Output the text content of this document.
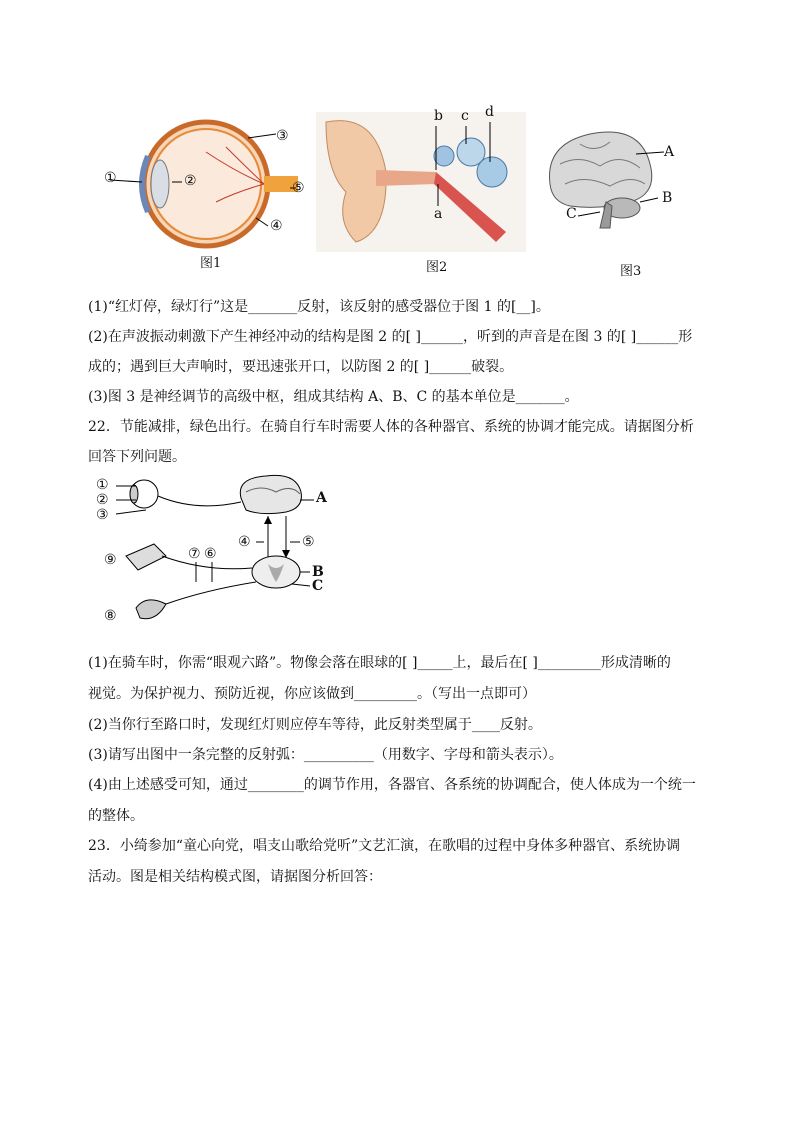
①	②
③
④
⑤
图1
b c d
a
图2
A
B
C
图3
(1)“红灯停，绿灯行”这是_______反射，该反射的感受器位于图 1 的[__]。
(2)在声波振动刺激下产生神经冲动的结构是图 2 的[ ]______，听到的声音是在图 3 的[ ]______形
成的；遇到巨大声响时，要迅速张开口，以防图 2 的[ ]______破裂。
(3)图 3 是神经调节的高级中枢，组成其结构 A、B、C 的基本单位是_______。
22．节能减排，绿色出行。在骑自行车时需要人体的各种器官、系统的协调才能完成。请据图分析
回答下列问题。
①
②
③
④	⑤
⑥
⑦
⑧
⑨
A
B
C
(1)在骑车时，你需“眼观六路”。物像会落在眼球的[ ]_____上，最后在[ ]_________形成清晰的
视觉。为保护视力、预防近视，你应该做到_________。（写出一点即可）
(2)当你行至路口时，发现红灯则应停车等待，此反射类型属于____反射。
(3)请写出图中一条完整的反射弧：__________（用数字、字母和箭头表示）。
(4)由上述感受可知，通过________的调节作用，各器官、各系统的协调配合，使人体成为一个统一
的整体。
23．小绮参加“童心向党，唱支山歌给党听”文艺汇演，在歌唱的过程中身体多种器官、系统协调
活动。图是相关结构模式图，请据图分析回答：
